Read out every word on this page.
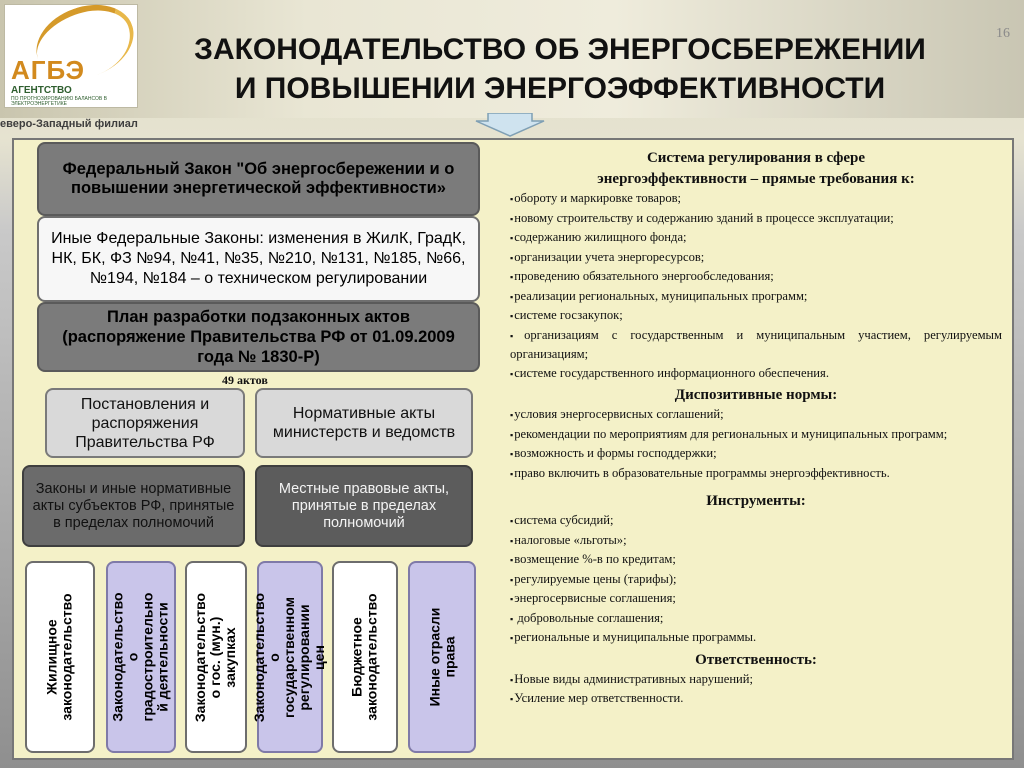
АГБЭ
АГЕНТСТВО
ПО ПРОГНОЗИРОВАНИЮ БАЛАНСОВ В ЭЛЕКТРОЭНЕРГЕТИКЕ
ЗАКОНОДАТЕЛЬСТВО ОБ ЭНЕРГОСБЕРЕЖЕНИИ
И ПОВЫШЕНИИ ЭНЕРГОЭФФЕКТИВНОСТИ
16
еверо-Западный филиал
Федеральный Закон "Об энергосбережении и о повышении энергетической эффективности»
Иные Федеральные Законы: изменения в ЖилК, ГрадК, НК, БК, ФЗ №94, №41, №35, №210, №131, №185, №66, №194, №184 – о техническом регулировании
План разработки подзаконных актов (распоряжение Правительства РФ от 01.09.2009 года № 1830-Р)
49 актов
Постановления и распоряжения Правительства РФ
Нормативные акты министерств и ведомств
Законы и иные нормативные акты субъектов РФ, принятые в пределах полномочий
Местные правовые акты, принятые в пределах полномочий
Жилищное законодательство Законодательство о градостроительно й деятельности Законодательство о гос. (мун.) закупках Законодательство о государственном регулировании цен Бюджетное законодательство	Иные отрасли права
Система регулирования в сфере
энергоэффективности – прямые требования к:
▪обороту и маркировке товаров;
▪новому строительству и содержанию зданий в процессе эксплуатации;
▪содержанию жилищного фонда;
▪организации учета энергоресурсов;
▪проведению обязательного энергообследования;
▪реализации региональных, муниципальных программ;
▪системе госзакупок;
▪организациям с государственным и муниципальным участием, регулируемым организациям;
▪системе государственного информационного обеспечения.
Диспозитивные нормы:
▪условия энергосервисных соглашений;
▪рекомендации по мероприятиям для региональных и муниципальных программ;
▪возможность и формы господдержки;
▪право включить в образовательные программы энергоэффективность.
Инструменты:
▪система субсидий;
▪налоговые «льготы»;
▪возмещение %-в по кредитам;
▪регулируемые цены (тарифы);
▪энергосервисные соглашения;
▪ добровольные соглашения;
▪региональные и муниципальные программы.
Ответственность:
▪Новые виды административных нарушений;
▪Усиление мер ответственности.
